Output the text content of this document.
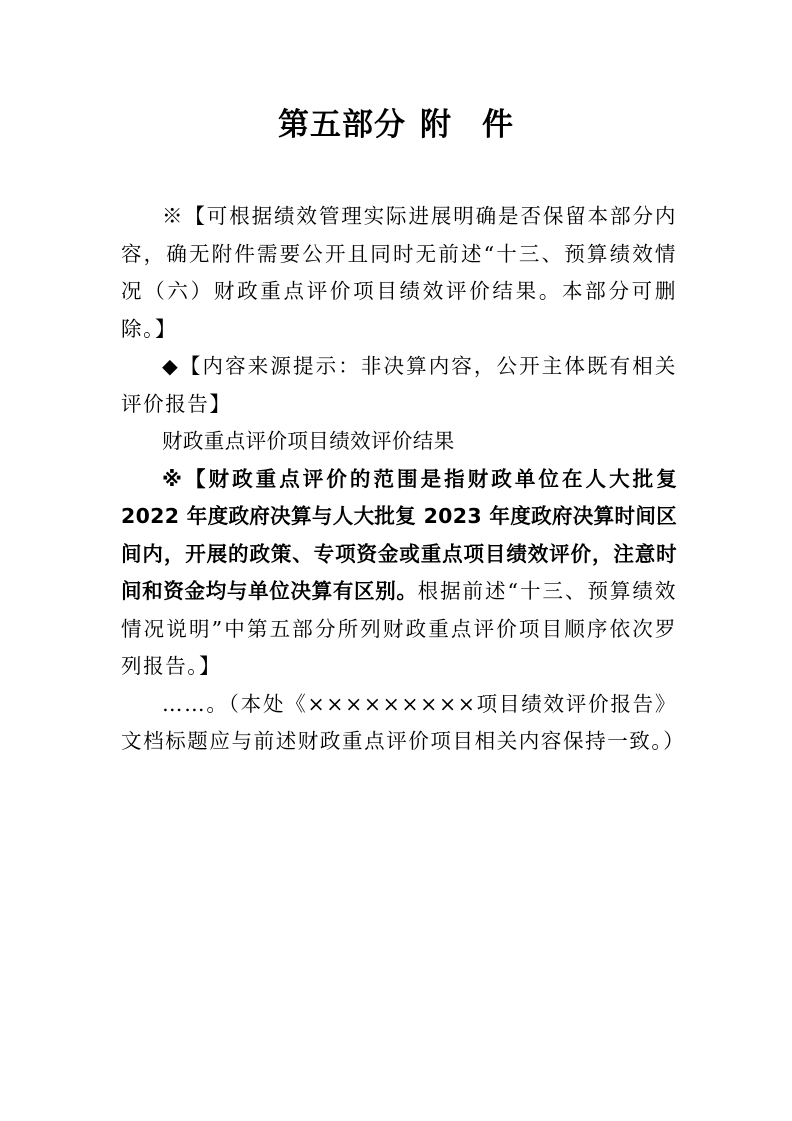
第五部分 附 件

※【可根据绩效管理实际进展明确是否保留本部分内容，确无附件需要公开且同时无前述“十三、预算绩效情况（六）财政重点评价项目绩效评价结果。本部分可删除。】

◆【内容来源提示：非决算内容，公开主体既有相关评价报告】

财政重点评价项目绩效评价结果

※【财政重点评价的范围是指财政单位在人大批复 2022 年度政府决算与人大批复 2023 年度政府决算时间区间内，开展的政策、专项资金或重点项目绩效评价，注意时间和资金均与单位决算有区别。根据前述“十三、预算绩效情况说明”中第五部分所列财政重点评价项目顺序依次罗列报告。】

……。（本处《×××××××××项目绩效评价报告》文档标题应与前述财政重点评价项目相关内容保持一致。）
